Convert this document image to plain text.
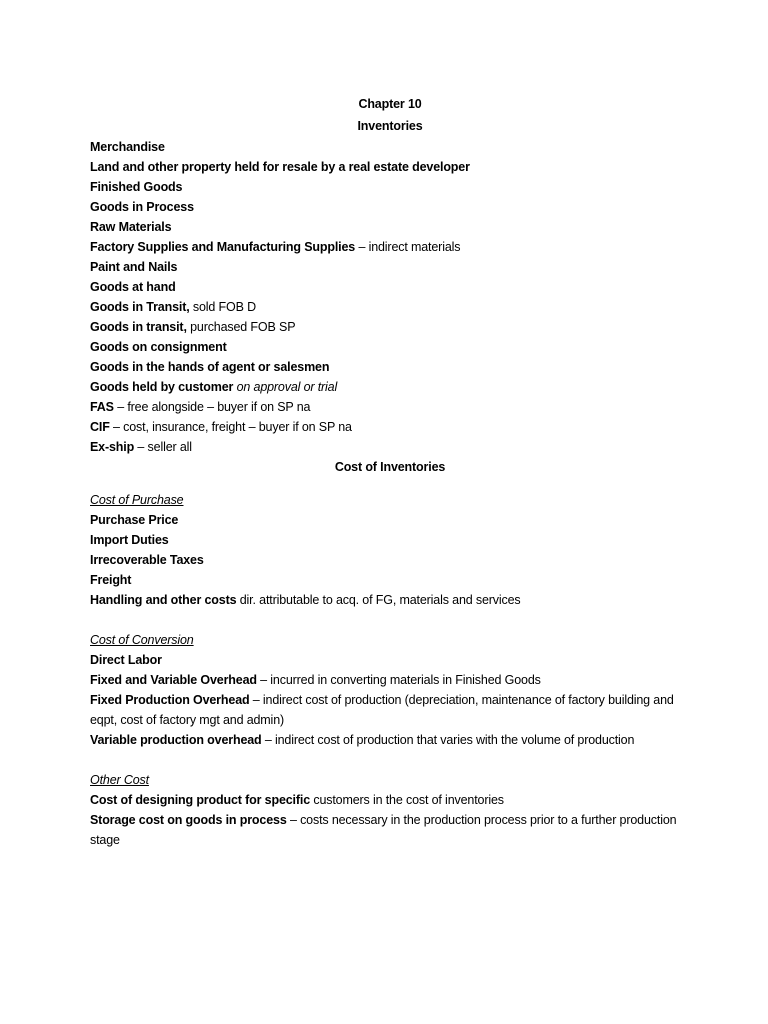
Chapter 10
Inventories
Merchandise
Land and other property held for resale by a real estate developer
Finished Goods
Goods in Process
Raw Materials
Factory Supplies and Manufacturing Supplies – indirect materials
Paint and Nails
Goods at hand
Goods in Transit, sold FOB D
Goods in transit, purchased FOB SP
Goods on consignment
Goods in the hands of agent or salesmen
Goods held by customer on approval or trial
FAS – free alongside – buyer if on SP na
CIF – cost, insurance, freight – buyer if on SP na
Ex-ship – seller all
Cost of Inventories
Cost of Purchase
Purchase Price
Import Duties
Irrecoverable Taxes
Freight
Handling and other costs dir. attributable to acq. of FG, materials and services
Cost of Conversion
Direct Labor
Fixed and Variable Overhead – incurred in converting materials in Finished Goods
Fixed Production Overhead – indirect cost of production (depreciation, maintenance of factory building and eqpt, cost of factory mgt and admin)
Variable production overhead – indirect cost of production that varies with the volume of production
Other Cost
Cost of designing product for specific customers in the cost of inventories
Storage cost on goods in process – costs necessary in the production process prior to a further production stage
